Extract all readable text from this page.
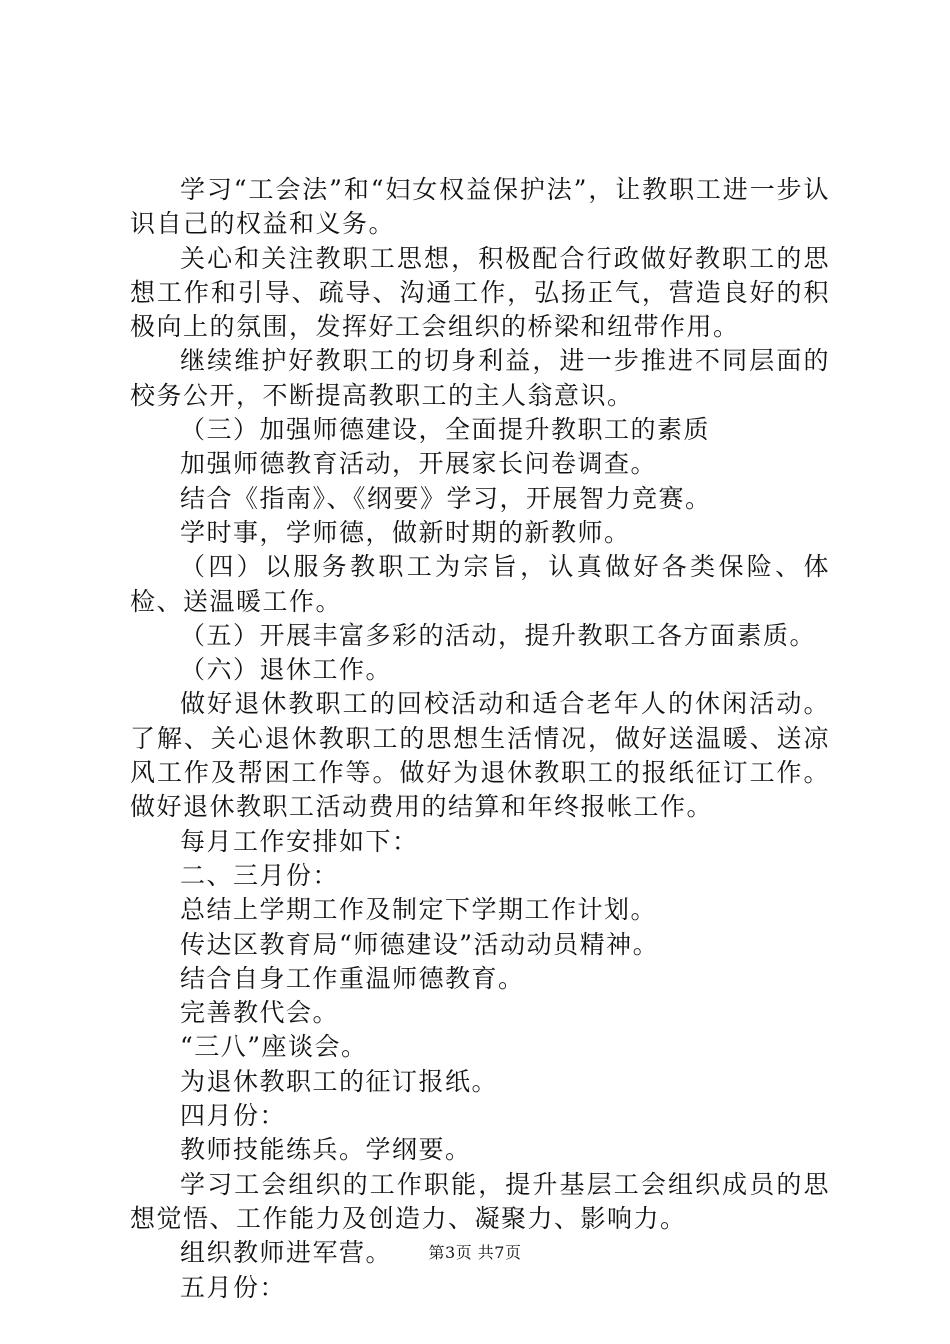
学习“工会法”和“妇女权益保护法”，让教职工进一步认识自己的权益和义务。

关心和关注教职工思想，积极配合行政做好教职工的思想工作和引导、疏导、沟通工作，弘扬正气，营造良好的积极向上的氛围，发挥好工会组织的桥梁和纽带作用。

继续维护好教职工的切身利益，进一步推进不同层面的校务公开，不断提高教职工的主人翁意识。

（三）加强师德建设，全面提升教职工的素质

加强师德教育活动，开展家长问卷调查。

结合《指南》、《纲要》学习，开展智力竞赛。

学时事，学师德，做新时期的新教师。

（四）以服务教职工为宗旨，认真做好各类保险、体检、送温暖工作。

（五）开展丰富多彩的活动，提升教职工各方面素质。

（六）退休工作。

做好退休教职工的回校活动和适合老年人的休闲活动。了解、关心退休教职工的思想生活情况，做好送温暖、送凉风工作及帮困工作等。做好为退休教职工的报纸征订工作。做好退休教职工活动费用的结算和年终报帐工作。

每月工作安排如下：

二、三月份：

总结上学期工作及制定下学期工作计划。

传达区教育局“师德建设”活动动员精神。

结合自身工作重温师德教育。

完善教代会。

“三八”座谈会。

为退休教职工的征订报纸。

四月份：

教师技能练兵。学纲要。

学习工会组织的工作职能，提升基层工会组织成员的思想觉悟、工作能力及创造力、凝聚力、影响力。

组织教师进军营。

五月份：

第3页 共7页
